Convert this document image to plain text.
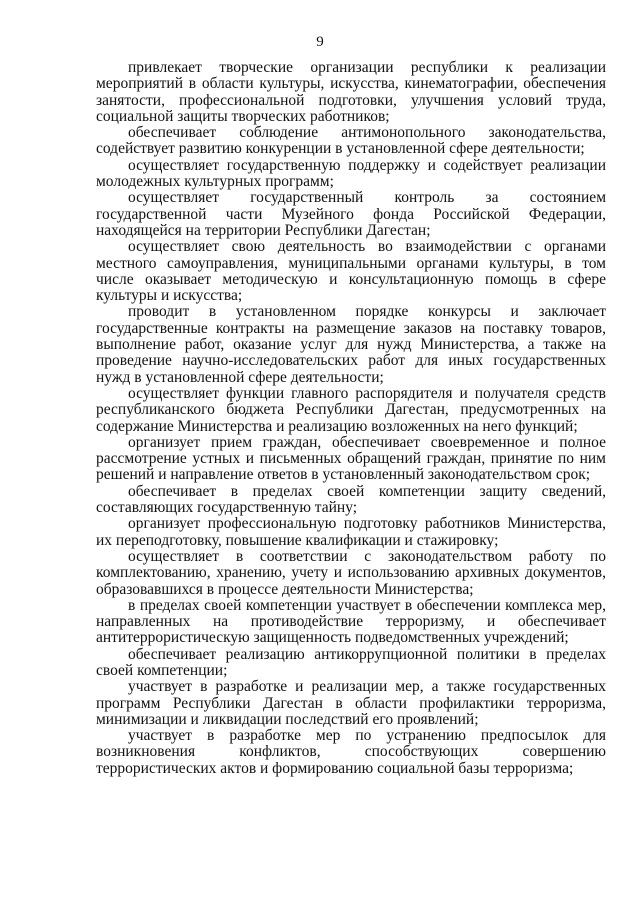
9

привлекает творческие организации республики к реализации мероприятий в области культуры, искусства, кинематографии, обеспечения занятости, профессиональной подготовки, улучшения условий труда, социальной защиты творческих работников;

обеспечивает соблюдение антимонопольного законодательства, содействует развитию конкуренции в установленной сфере деятельности;

осуществляет государственную поддержку и содействует реализации молодежных культурных программ;

осуществляет государственный контроль за состоянием государственной части Музейного фонда Российской Федерации, находящейся на территории Республики Дагестан;

осуществляет свою деятельность во взаимодействии с органами местного самоуправления, муниципальными органами культуры, в том числе оказывает методическую и консультационную помощь в сфере культуры и искусства;

проводит в установленном порядке конкурсы и заключает государственные контракты на размещение заказов на поставку товаров, выполнение работ, оказание услуг для нужд Министерства, а также на проведение научно-исследовательских работ для иных государственных нужд в установленной сфере деятельности;

осуществляет функции главного распорядителя и получателя средств республиканского бюджета Республики Дагестан, предусмотренных на содержание Министерства и реализацию возложенных на него функций;

организует прием граждан, обеспечивает своевременное и полное рассмотрение устных и письменных обращений граждан, принятие по ним решений и направление ответов в установленный законодательством срок;

обеспечивает в пределах своей компетенции защиту сведений, составляющих государственную тайну;

организует профессиональную подготовку работников Министерства, их переподготовку, повышение квалификации и стажировку;

осуществляет в соответствии с законодательством работу по комплектованию, хранению, учету и использованию архивных документов, образовавшихся в процессе деятельности Министерства;

в пределах своей компетенции участвует в обеспечении комплекса мер, направленных на противодействие терроризму, и обеспечивает антитеррористическую защищенность подведомственных учреждений;

обеспечивает реализацию антикоррупционной политики в пределах своей компетенции;

участвует в разработке и реализации мер, а также государственных программ Республики Дагестан в области профилактики терроризма, минимизации и ликвидации последствий его проявлений;

участвует в разработке мер по устранению предпосылок для возникновения конфликтов, способствующих совершению террористических актов и формированию социальной базы терроризма;
